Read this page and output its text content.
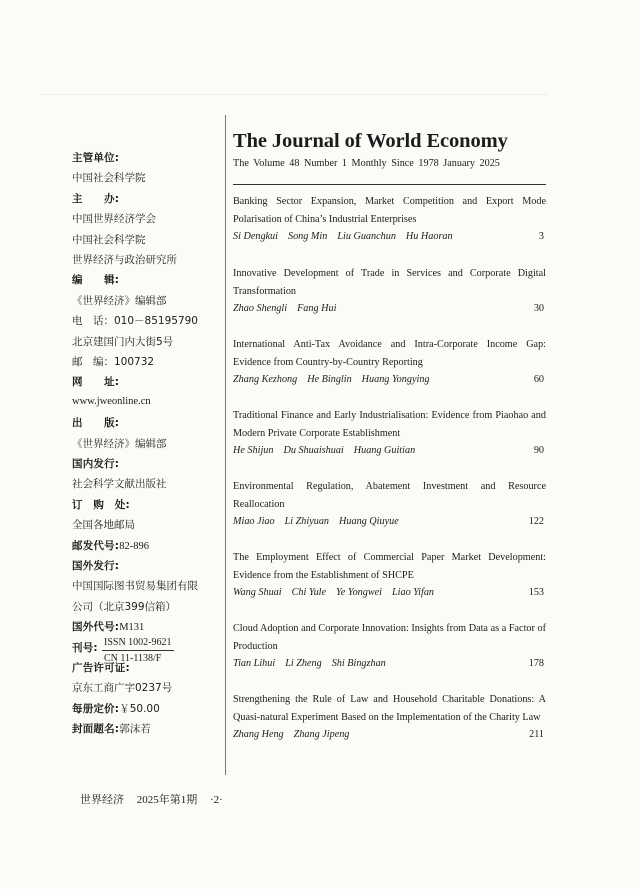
主管单位:
中国社会科学院
主　　办:
中国世界经济学会
中国社会科学院
世界经济与政治研究所
编　　辑:
《世界经济》编辑部
电　话：010－85195790
北京建国门内大街5号
邮　编：100732
网　　址:
www.jweonline.cn
出　　版:
《世界经济》编辑部
国内发行:
社会科学文献出版社
订　购　处:
全国各地邮局
邮发代号:82-896
国外发行:
中国国际图书贸易集团有限
公司（北京399信箱）
国外代号:M131
刊号: ISSN 1002-9621
CN 11-1138/F
广告许可证:
京东工商广字0237号
每册定价:￥50.00
封面题名:郭沫若
The Journal of World Economy
The Volume 48 Number 1 Monthly Since 1978 January 2025
Banking Sector Expansion, Market Competition and Export Mode Polarisation of China’s Industrial Enterprises
Si Dengkui Song Min Liu Guanchun Hu Haoran	3
Innovative Development of Trade in Services and Corporate Digital Transformation
Zhao Shengli Fang Hui	30
International Anti-Tax Avoidance and Intra-Corporate Income Gap: Evidence from Country-by-Country Reporting
Zhang Kezhong He Binglin Huang Yongying	60
Traditional Finance and Early Industrialisation: Evidence from Piaohao and Modern Private Corporate Establishment
He Shijun Du Shuaishuai Huang Guitian	90
Environmental Regulation, Abatement Investment and Resource Reallocation
Miao Jiao Li Zhiyuan Huang Qiuyue	122
The Employment Effect of Commercial Paper Market Development: Evidence from the Establishment of SHCPE
Wang Shuai Chi Yule Ye Yongwei Liao Yifan	153
Cloud Adoption and Corporate Innovation: Insights from Data as a Factor of Production
Tian Lihui Li Zheng Shi Bingzhan	178
Strengthening the Rule of Law and Household Charitable Donations: A Quasi-natural Experiment Based on the Implementation of the Charity Law
Zhang Heng Zhang Jipeng	211
世界经济 2025年第1期 ·2·
